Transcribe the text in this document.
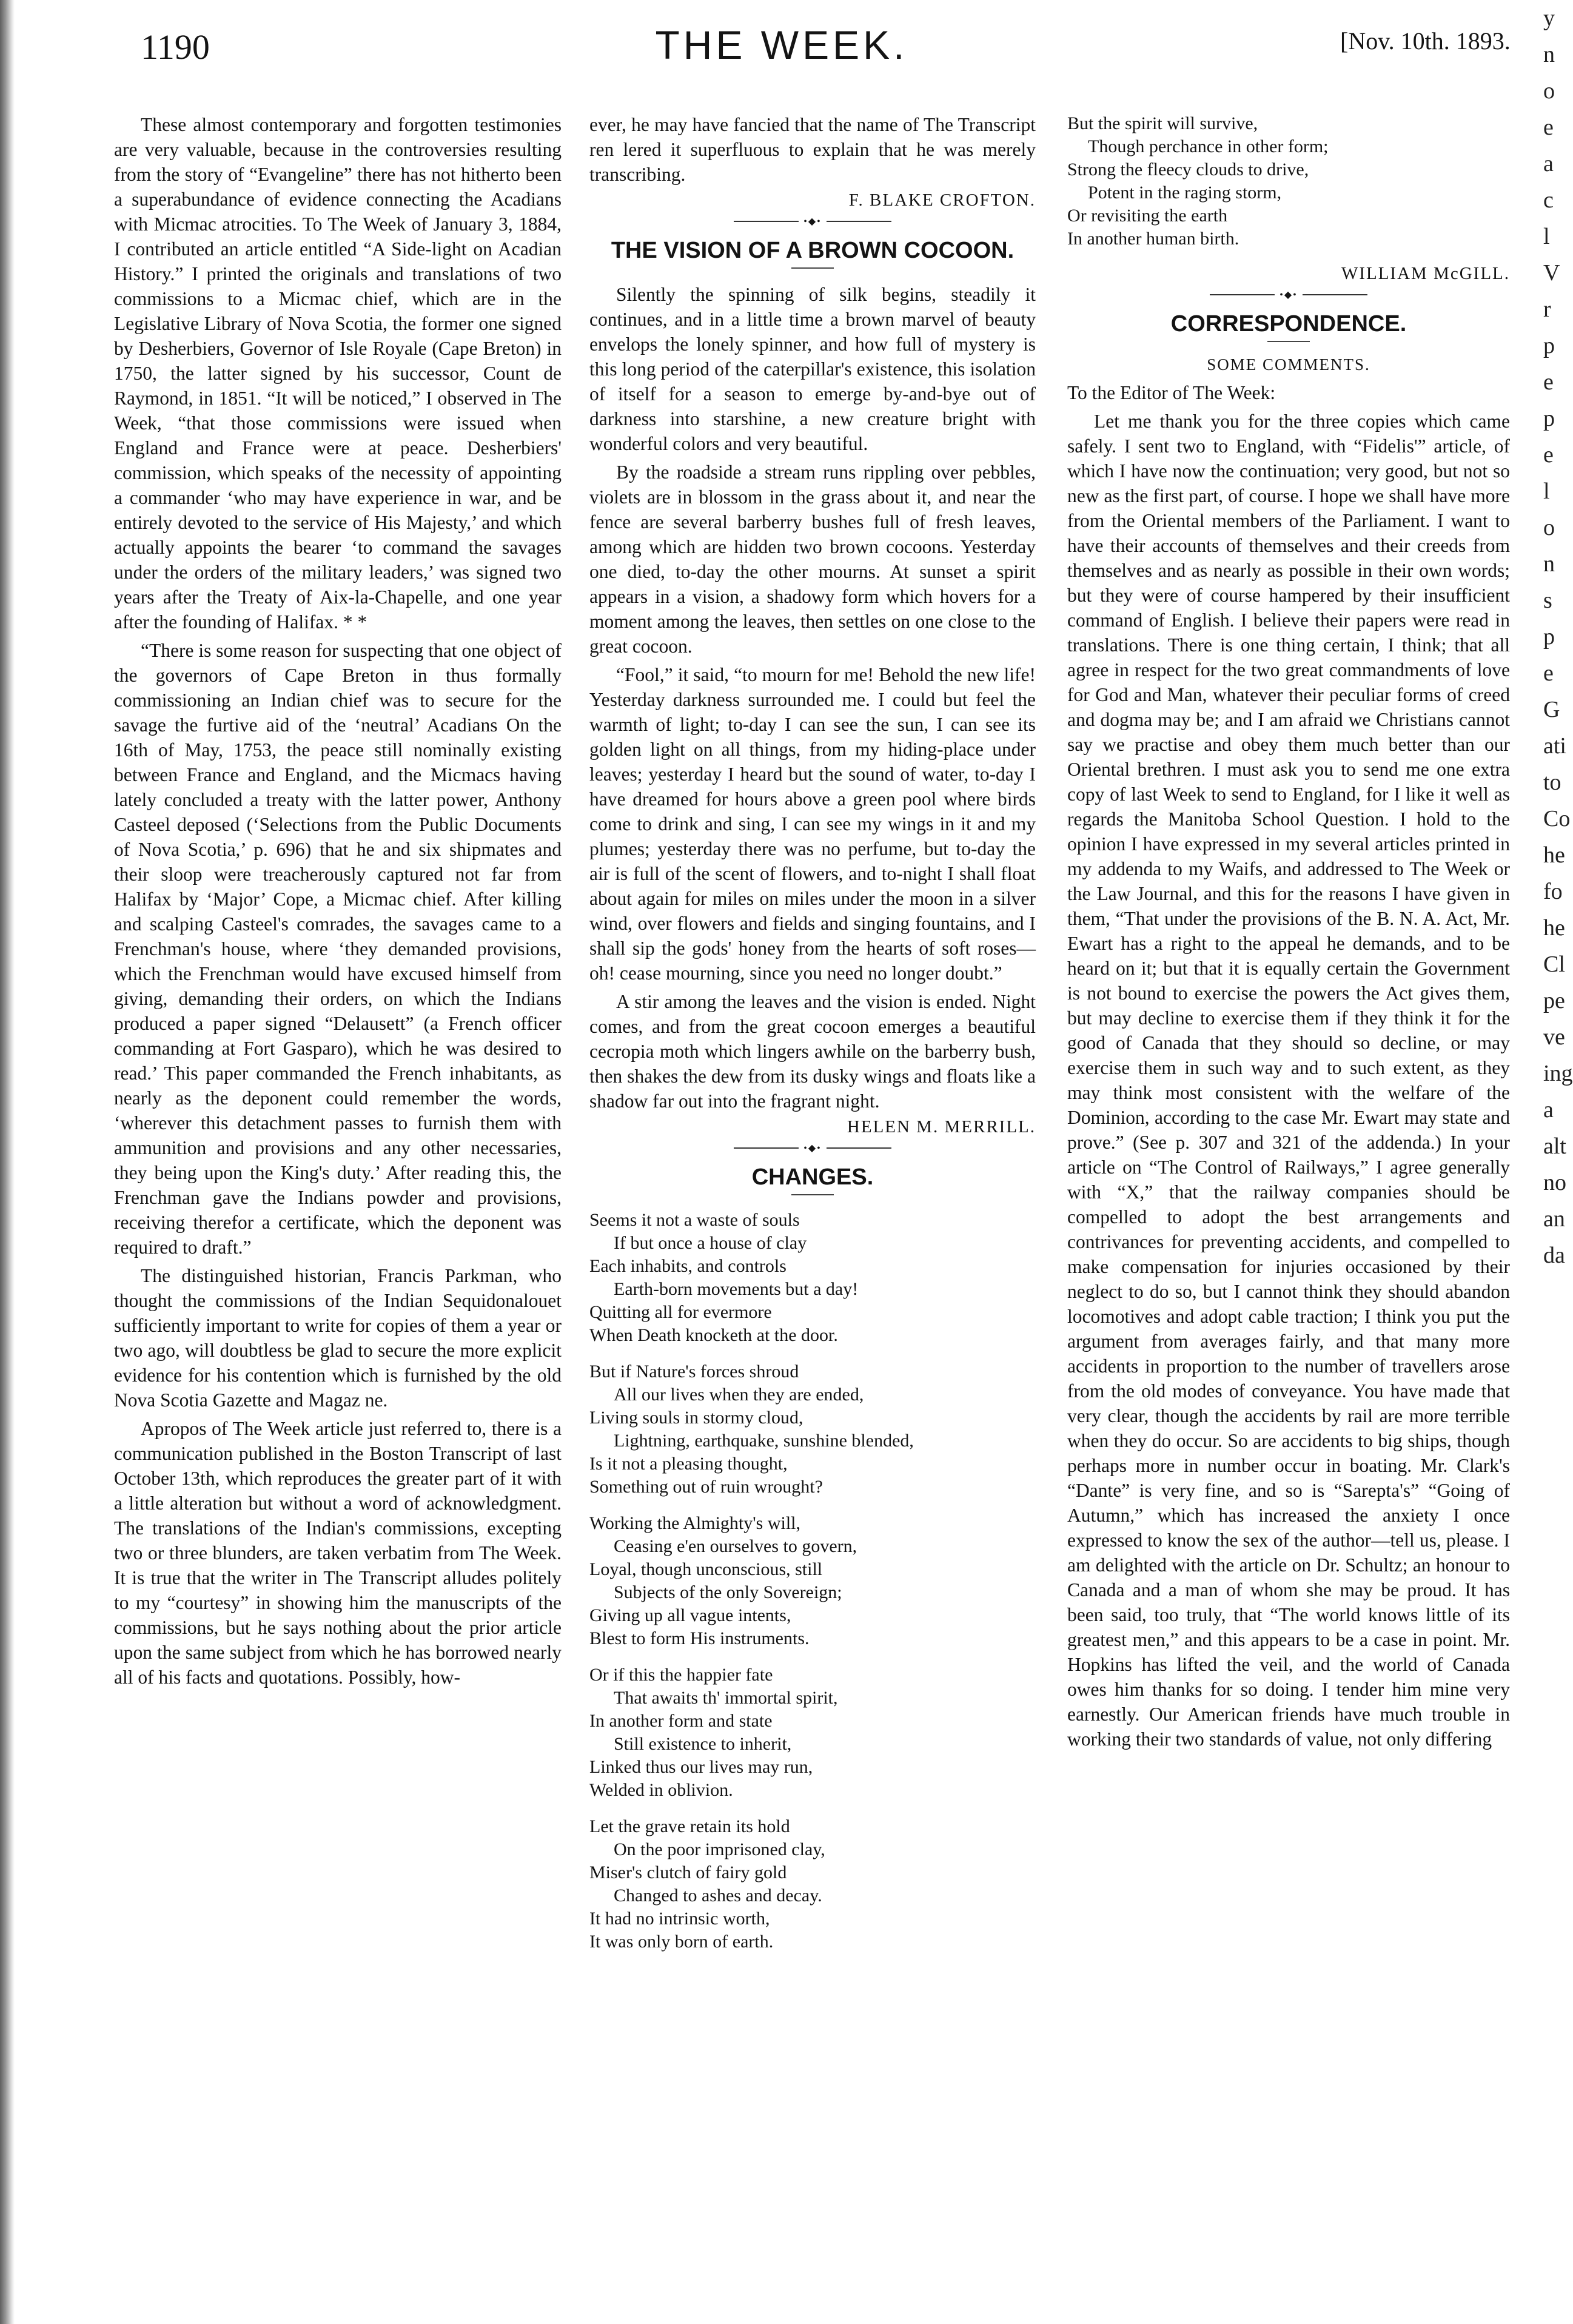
1190	THE WEEK.	[Nov. 10th. 1893.

These almost contemporary and forgotten testimonies are very valuable, because in the controversies resulting from the story of “Evangeline” there has not hitherto been a superabundance of evidence connecting the Acadians with Micmac atrocities. To The Week of January 3, 1884, I contributed an article entitled “A Side-light on Acadian History.” I printed the originals and translations of two commissions to a Micmac chief, which are in the Legislative Library of Nova Scotia, the former one signed by Desherbiers, Governor of Isle Royale (Cape Breton) in 1750, the latter signed by his successor, Count de Raymond, in 1851. “It will be noticed,” I observed in The Week, “that those commissions were issued when England and France were at peace. Desherbiers' commission, which speaks of the necessity of appointing a commander ‘who may have experience in war, and be entirely devoted to the service of His Majesty,’ and which actually appoints the bearer ‘to command the savages under the orders of the military leaders,’ was signed two years after the Treaty of Aix-la-Chapelle, and one year after the founding of Halifax. * *

“There is some reason for suspecting that one object of the governors of Cape Breton in thus formally commissioning an Indian chief was to secure for the savage the furtive aid of the ‘neutral’ Acadians On the 16th of May, 1753, the peace still nominally existing between France and England, and the Micmacs having lately concluded a treaty with the latter power, Anthony Casteel deposed (‘Selections from the Public Documents of Nova Scotia,’ p. 696) that he and six shipmates and their sloop were treacherously captured not far from Halifax by ‘Major’ Cope, a Micmac chief. After killing and scalping Casteel's comrades, the savages came to a Frenchman's house, where ‘they demanded provisions, which the Frenchman would have excused himself from giving, demanding their orders, on which the Indians produced a paper signed “Delausett” (a French officer commanding at Fort Gasparo), which he was desired to read.’ This paper commanded the French inhabitants, as nearly as the deponent could remember the words, ‘wherever this detachment passes to furnish them with ammunition and provisions and any other necessaries, they being upon the King's duty.’ After reading this, the Frenchman gave the Indians powder and provisions, receiving therefor a certificate, which the deponent was required to draft.”

The distinguished historian, Francis Parkman, who thought the commissions of the Indian Sequidonalouet sufficiently important to write for copies of them a year or two ago, will doubtless be glad to secure the more explicit evidence for his contention which is furnished by the old Nova Scotia Gazette and Magaz ne.

Apropos of The Week article just referred to, there is a communication published in the Boston Transcript of last October 13th, which reproduces the greater part of it with a little alteration but without a word of acknowledgment. The translations of the Indian's commissions, excepting two or three blunders, are taken verbatim from The Week. It is true that the writer in The Transcript alludes politely to my “courtesy” in showing him the manuscripts of the commissions, but he says nothing about the prior article upon the same subject from which he has borrowed nearly all of his facts and quotations. Possibly, how-

ever, he may have fancied that the name of The Transcript ren lered it superfluous to explain that he was merely transcribing.

F. BLAKE CROFTON.
•◆•
THE VISION OF A BROWN COCOON.

Silently the spinning of silk begins, steadily it continues, and in a little time a brown marvel of beauty envelops the lonely spinner, and how full of mystery is this long period of the caterpillar's existence, this isolation of itself for a season to emerge by-and-bye out of darkness into starshine, a new creature bright with wonderful colors and very beautiful.

By the roadside a stream runs rippling over pebbles, violets are in blossom in the grass about it, and near the fence are several barberry bushes full of fresh leaves, among which are hidden two brown cocoons. Yesterday one died, to-day the other mourns. At sunset a spirit appears in a vision, a shadowy form which hovers for a moment among the leaves, then settles on one close to the great cocoon.

“Fool,” it said, “to mourn for me! Behold the new life! Yesterday darkness surrounded me. I could but feel the warmth of light; to-day I can see the sun, I can see its golden light on all things, from my hiding-place under leaves; yesterday I heard but the sound of water, to-day I have dreamed for hours above a green pool where birds come to drink and sing, I can see my wings in it and my plumes; yesterday there was no perfume, but to-day the air is full of the scent of flowers, and to-night I shall float about again for miles on miles under the moon in a silver wind, over flowers and fields and singing fountains, and I shall sip the gods' honey from the hearts of soft roses—oh! cease mourning, since you need no longer doubt.”

A stir among the leaves and the vision is ended. Night comes, and from the great cocoon emerges a beautiful cecropia moth which lingers awhile on the barberry bush, then shakes the dew from its dusky wings and floats like a shadow far out into the fragrant night.

HELEN M. MERRILL.
•◆•
CHANGES.
Seems it not a waste of souls
If but once a house of clay
Each inhabits, and controls
Earth-born movements but a day!
Quitting all for evermore
When Death knocketh at the door.
But if Nature's forces shroud
All our lives when they are ended,
Living souls in stormy cloud,
Lightning, earthquake, sunshine blended,
Is it not a pleasing thought,
Something out of ruin wrought?
Working the Almighty's will,
Ceasing e'en ourselves to govern,
Loyal, though unconscious, still
Subjects of the only Sovereign;
Giving up all vague intents,
Blest to form His instruments.
Or if this the happier fate
That awaits th' immortal spirit,
In another form and state
Still existence to inherit,
Linked thus our lives may run,
Welded in oblivion.
Let the grave retain its hold
On the poor imprisoned clay,
Miser's clutch of fairy gold
Changed to ashes and decay.
It had no intrinsic worth,
It was only born of earth.
But the spirit will survive,
Though perchance in other form;
Strong the fleecy clouds to drive,
Potent in the raging storm,
Or revisiting the earth
In another human birth.
WILLIAM McGILL.
•◆•
CORRESPONDENCE.
SOME COMMENTS.

To the Editor of The Week:

Let me thank you for the three copies which came safely. I sent two to England, with “Fidelis'” article, of which I have now the continuation; very good, but not so new as the first part, of course. I hope we shall have more from the Oriental members of the Parliament. I want to have their accounts of themselves and their creeds from themselves and as nearly as possible in their own words; but they were of course hampered by their insufficient command of English. I believe their papers were read in translations. There is one thing certain, I think; that all agree in respect for the two great commandments of love for God and Man, whatever their peculiar forms of creed and dogma may be; and I am afraid we Christians cannot say we practise and obey them much better than our Oriental brethren. I must ask you to send me one extra copy of last Week to send to England, for I like it well as regards the Manitoba School Question. I hold to the opinion I have expressed in my several articles printed in my addenda to my Waifs, and addressed to The Week or the Law Journal, and this for the reasons I have given in them, “That under the provisions of the B. N. A. Act, Mr. Ewart has a right to the appeal he demands, and to be heard on it; but that it is equally certain the Government is not bound to exercise the powers the Act gives them, but may decline to exercise them if they think it for the good of Canada that they should so decline, or may exercise them in such way and to such extent, as they may think most consistent with the welfare of the Dominion, according to the case Mr. Ewart may state and prove.” (See p. 307 and 321 of the addenda.) In your article on “The Control of Railways,” I agree generally with “X,” that the railway companies should be compelled to adopt the best arrangements and contrivances for preventing accidents, and compelled to make compensation for injuries occasioned by their neglect to do so, but I cannot think they should abandon locomotives and adopt cable traction; I think you put the argument from averages fairly, and that many more accidents in proportion to the number of travellers arose from the old modes of conveyance. You have made that very clear, though the accidents by rail are more terrible when they do occur. So are accidents to big ships, though perhaps more in number occur in boating. Mr. Clark's “Dante” is very fine, and so is “Sarepta's” “Going of Autumn,” which has increased the anxiety I once expressed to know the sex of the author—tell us, please. I am delighted with the article on Dr. Schultz; an honour to Canada and a man of whom she may be proud. It has been said, too truly, that “The world knows little of its greatest men,” and this appears to be a case in point. Mr. Hopkins has lifted the veil, and the world of Canada owes him thanks for so doing. I tender him mine very earnestly. Our American friends have much trouble in working their two standards of value, not only differing

y
n
o
e
a
c
l
V
r
p
e
p
e
l
o
n
s
p
e
G
ati
to
Co
he
fo
he
Cl
pe
ve
ing
a
alt
no
an
da
